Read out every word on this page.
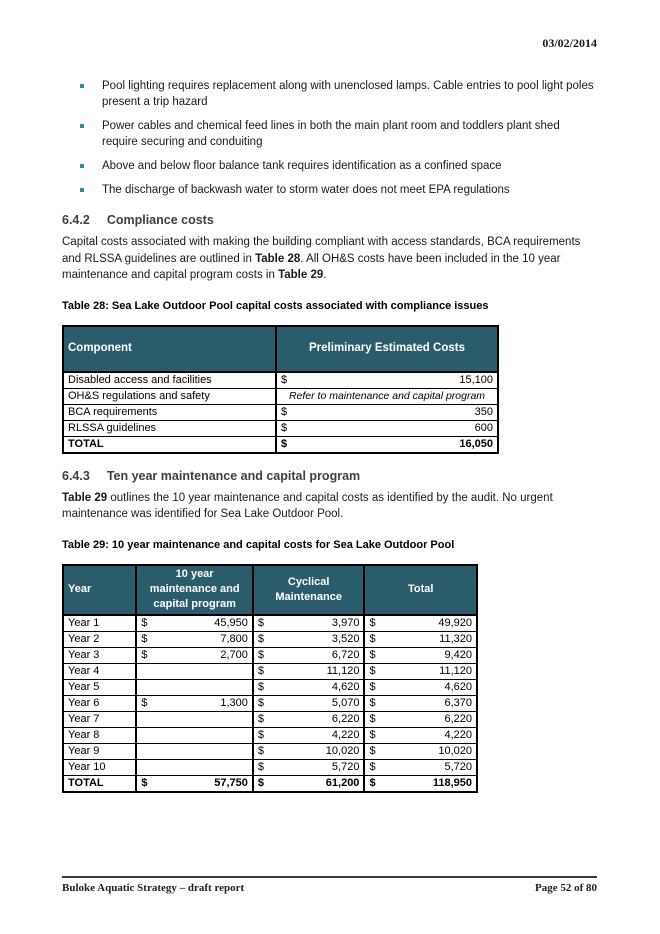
03/02/2014
Pool lighting requires replacement along with unenclosed lamps. Cable entries to pool light poles present a trip hazard
Power cables and chemical feed lines in both the main plant room and toddlers plant shed require securing and conduiting
Above and below floor balance tank requires identification as a confined space
The discharge of backwash water to storm water does not meet EPA regulations
6.4.2 Compliance costs

Capital costs associated with making the building compliant with access standards, BCA requirements and RLSSA guidelines are outlined in Table 28. All OH&S costs have been included in the 10 year maintenance and capital program costs in Table 29.

Table 28: Sea Lake Outdoor Pool capital costs associated with compliance issues
Component	Preliminary Estimated Costs
Disabled access and facilities	$ 15,100

OH&S regulations and safety	Refer to maintenance and capital program
BCA requirements	$ 350

RLSSA guidelines	$ 600

TOTAL	$ 16,050
6.4.3 Ten year maintenance and capital program

Table 29 outlines the 10 year maintenance and capital costs as identified by the audit. No urgent maintenance was identified for Sea Lake Outdoor Pool.

Table 29: 10 year maintenance and capital costs for Sea Lake Outdoor Pool
Year	10 year maintenance and capital program	Cyclical Maintenance	Total
Year 1	$ 45,950	$ 3,970	$ 49,920

Year 2	$ 7,800	$ 3,520	$ 11,320

Year 3	$ 2,700	$ 6,720	$ 9,420

Year 4		$ 11,120	$ 11,120

Year 5		$ 4,620	$ 4,620

Year 6	$ 1,300	$ 5,070	$ 6,370

Year 7		$ 6,220	$ 6,220

Year 8		$ 4,220	$ 4,220

Year 9		$ 10,020	$ 10,020

Year 10		$ 5,720	$ 5,720

TOTAL	$ 57,750	$ 61,200	$ 118,950
Buloke Aquatic Strategy – draft report	Page 52 of 80
